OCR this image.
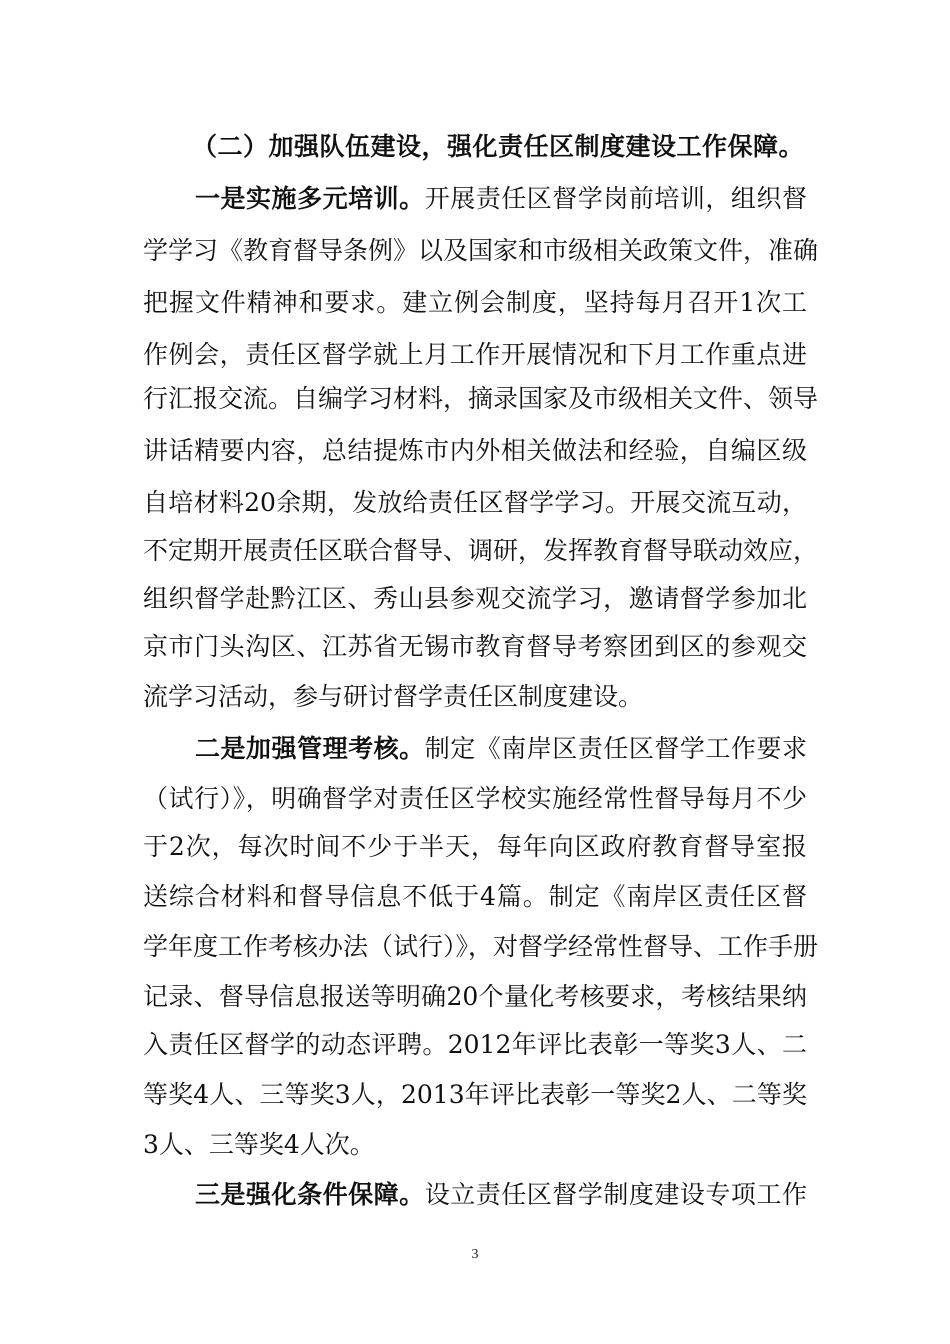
（二）加强队伍建设，强化责任区制度建设工作保障。
一是实施多元培训。开展责任区督学岗前培训，组织督
学学习《教育督导条例》以及国家和市级相关政策文件，准确
把握文件精神和要求。建立例会制度，坚持每月召开1次工
作例会，责任区督学就上月工作开展情况和下月工作重点进
行汇报交流。自编学习材料，摘录国家及市级相关文件、领导
讲话精要内容，总结提炼市内外相关做法和经验，自编区级
自培材料20余期，发放给责任区督学学习。开展交流互动，
不定期开展责任区联合督导、调研，发挥教育督导联动效应，
组织督学赴黔江区、秀山县参观交流学习，邀请督学参加北
京市门头沟区、江苏省无锡市教育督导考察团到区的参观交
流学习活动，参与研讨督学责任区制度建设。
二是加强管理考核。制定《南岸区责任区督学工作要求
（试行）》，明确督学对责任区学校实施经常性督导每月不少
于2次，每次时间不少于半天，每年向区政府教育督导室报
送综合材料和督导信息不低于4篇。制定《南岸区责任区督
学年度工作考核办法（试行）》，对督学经常性督导、工作手册
记录、督导信息报送等明确20个量化考核要求，考核结果纳
入责任区督学的动态评聘。2012年评比表彰一等奖3人、二
等奖4人、三等奖3人，2013年评比表彰一等奖2人、二等奖
3人、三等奖4人次。
三是强化条件保障。设立责任区督学制度建设专项工作
3
